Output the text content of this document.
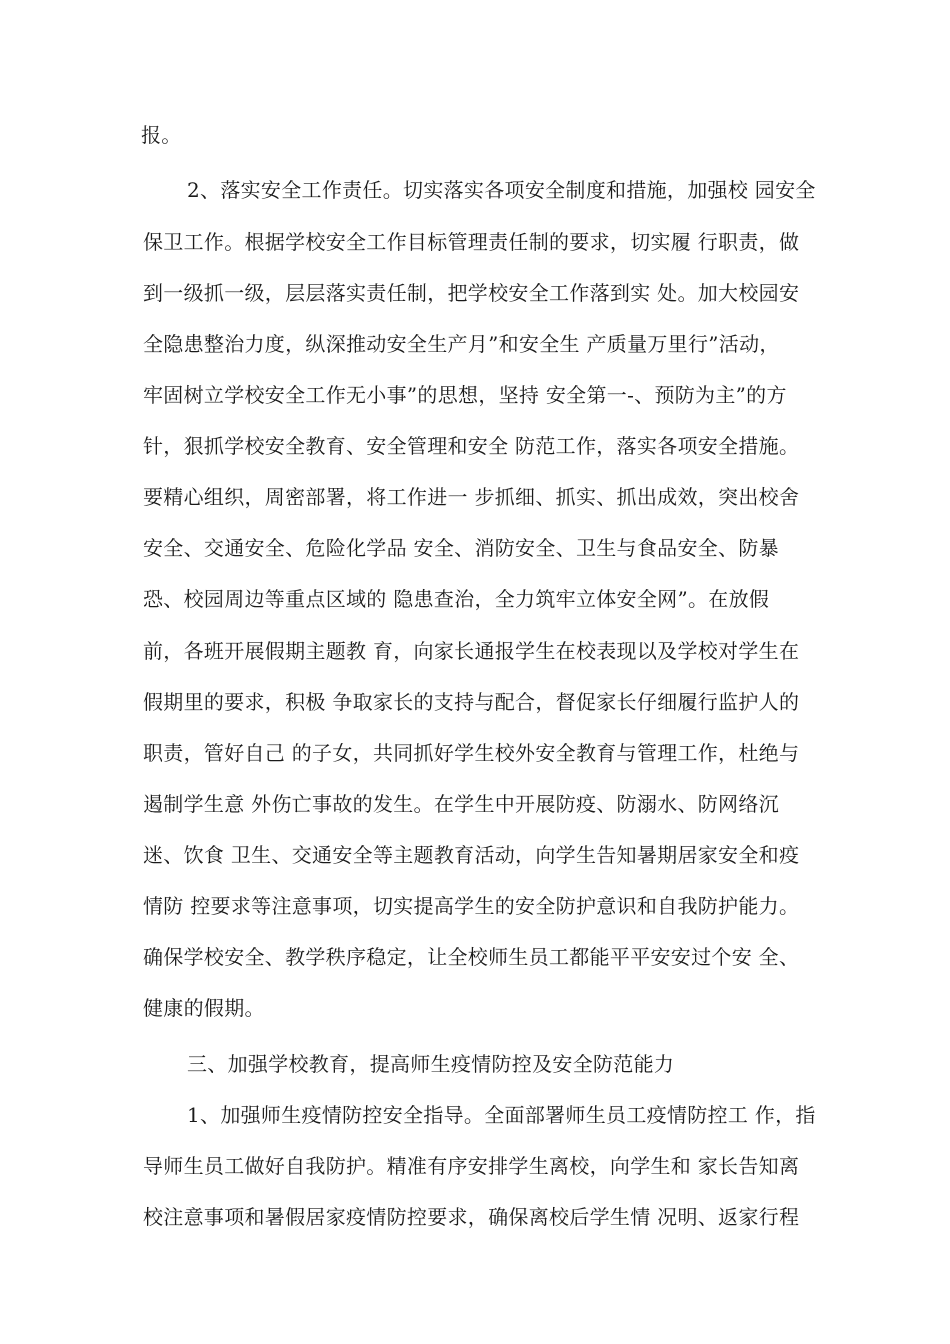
报。
2、落实安全工作责任。切实落实各项安全制度和措施，加强校 园安全
保卫工作。根据学校安全工作目标管理责任制的要求，切实履 行职责，做
到一级抓一级，层层落实责任制，把学校安全工作落到实 处。加大校园安
全隐患整治力度，纵深推动安全生产月”和安全生 产质量万里行”活动，
牢固树立学校安全工作无小事”的思想，坚持 安全第一-、预防为主”的方
针，狠抓学校安全教育、安全管理和安全 防范工作，落实各项安全措施。
要精心组织，周密部署，将工作进一 步抓细、抓实、抓出成效，突出校舍
安全、交通安全、危险化学品 安全、消防安全、卫生与食品安全、防暴
恐、校园周边等重点区域的 隐患查治，全力筑牢立体安全网”。在放假
前，各班开展假期主题教 育，向家长通报学生在校表现以及学校对学生在
假期里的要求，积极 争取家长的支持与配合，督促家长仔细履行监护人的
职责，管好自己 的子女，共同抓好学生校外安全教育与管理工作，杜绝与
遏制学生意 外伤亡事故的发生。在学生中开展防疫、防溺水、防网络沉
迷、饮食 卫生、交通安全等主题教育活动，向学生告知暑期居家安全和疫
情防 控要求等注意事项，切实提高学生的安全防护意识和自我防护能力。
确保学校安全、教学秩序稳定，让全校师生员工都能平平安安过个安 全、
健康的假期。
三、加强学校教育，提高师生疫情防控及安全防范能力
1、加强师生疫情防控安全指导。全面部署师生员工疫情防控工 作，指
导师生员工做好自我防护。精准有序安排学生离校，向学生和 家长告知离
校注意事项和暑假居家疫情防控要求，确保离校后学生情 况明、返家行程
